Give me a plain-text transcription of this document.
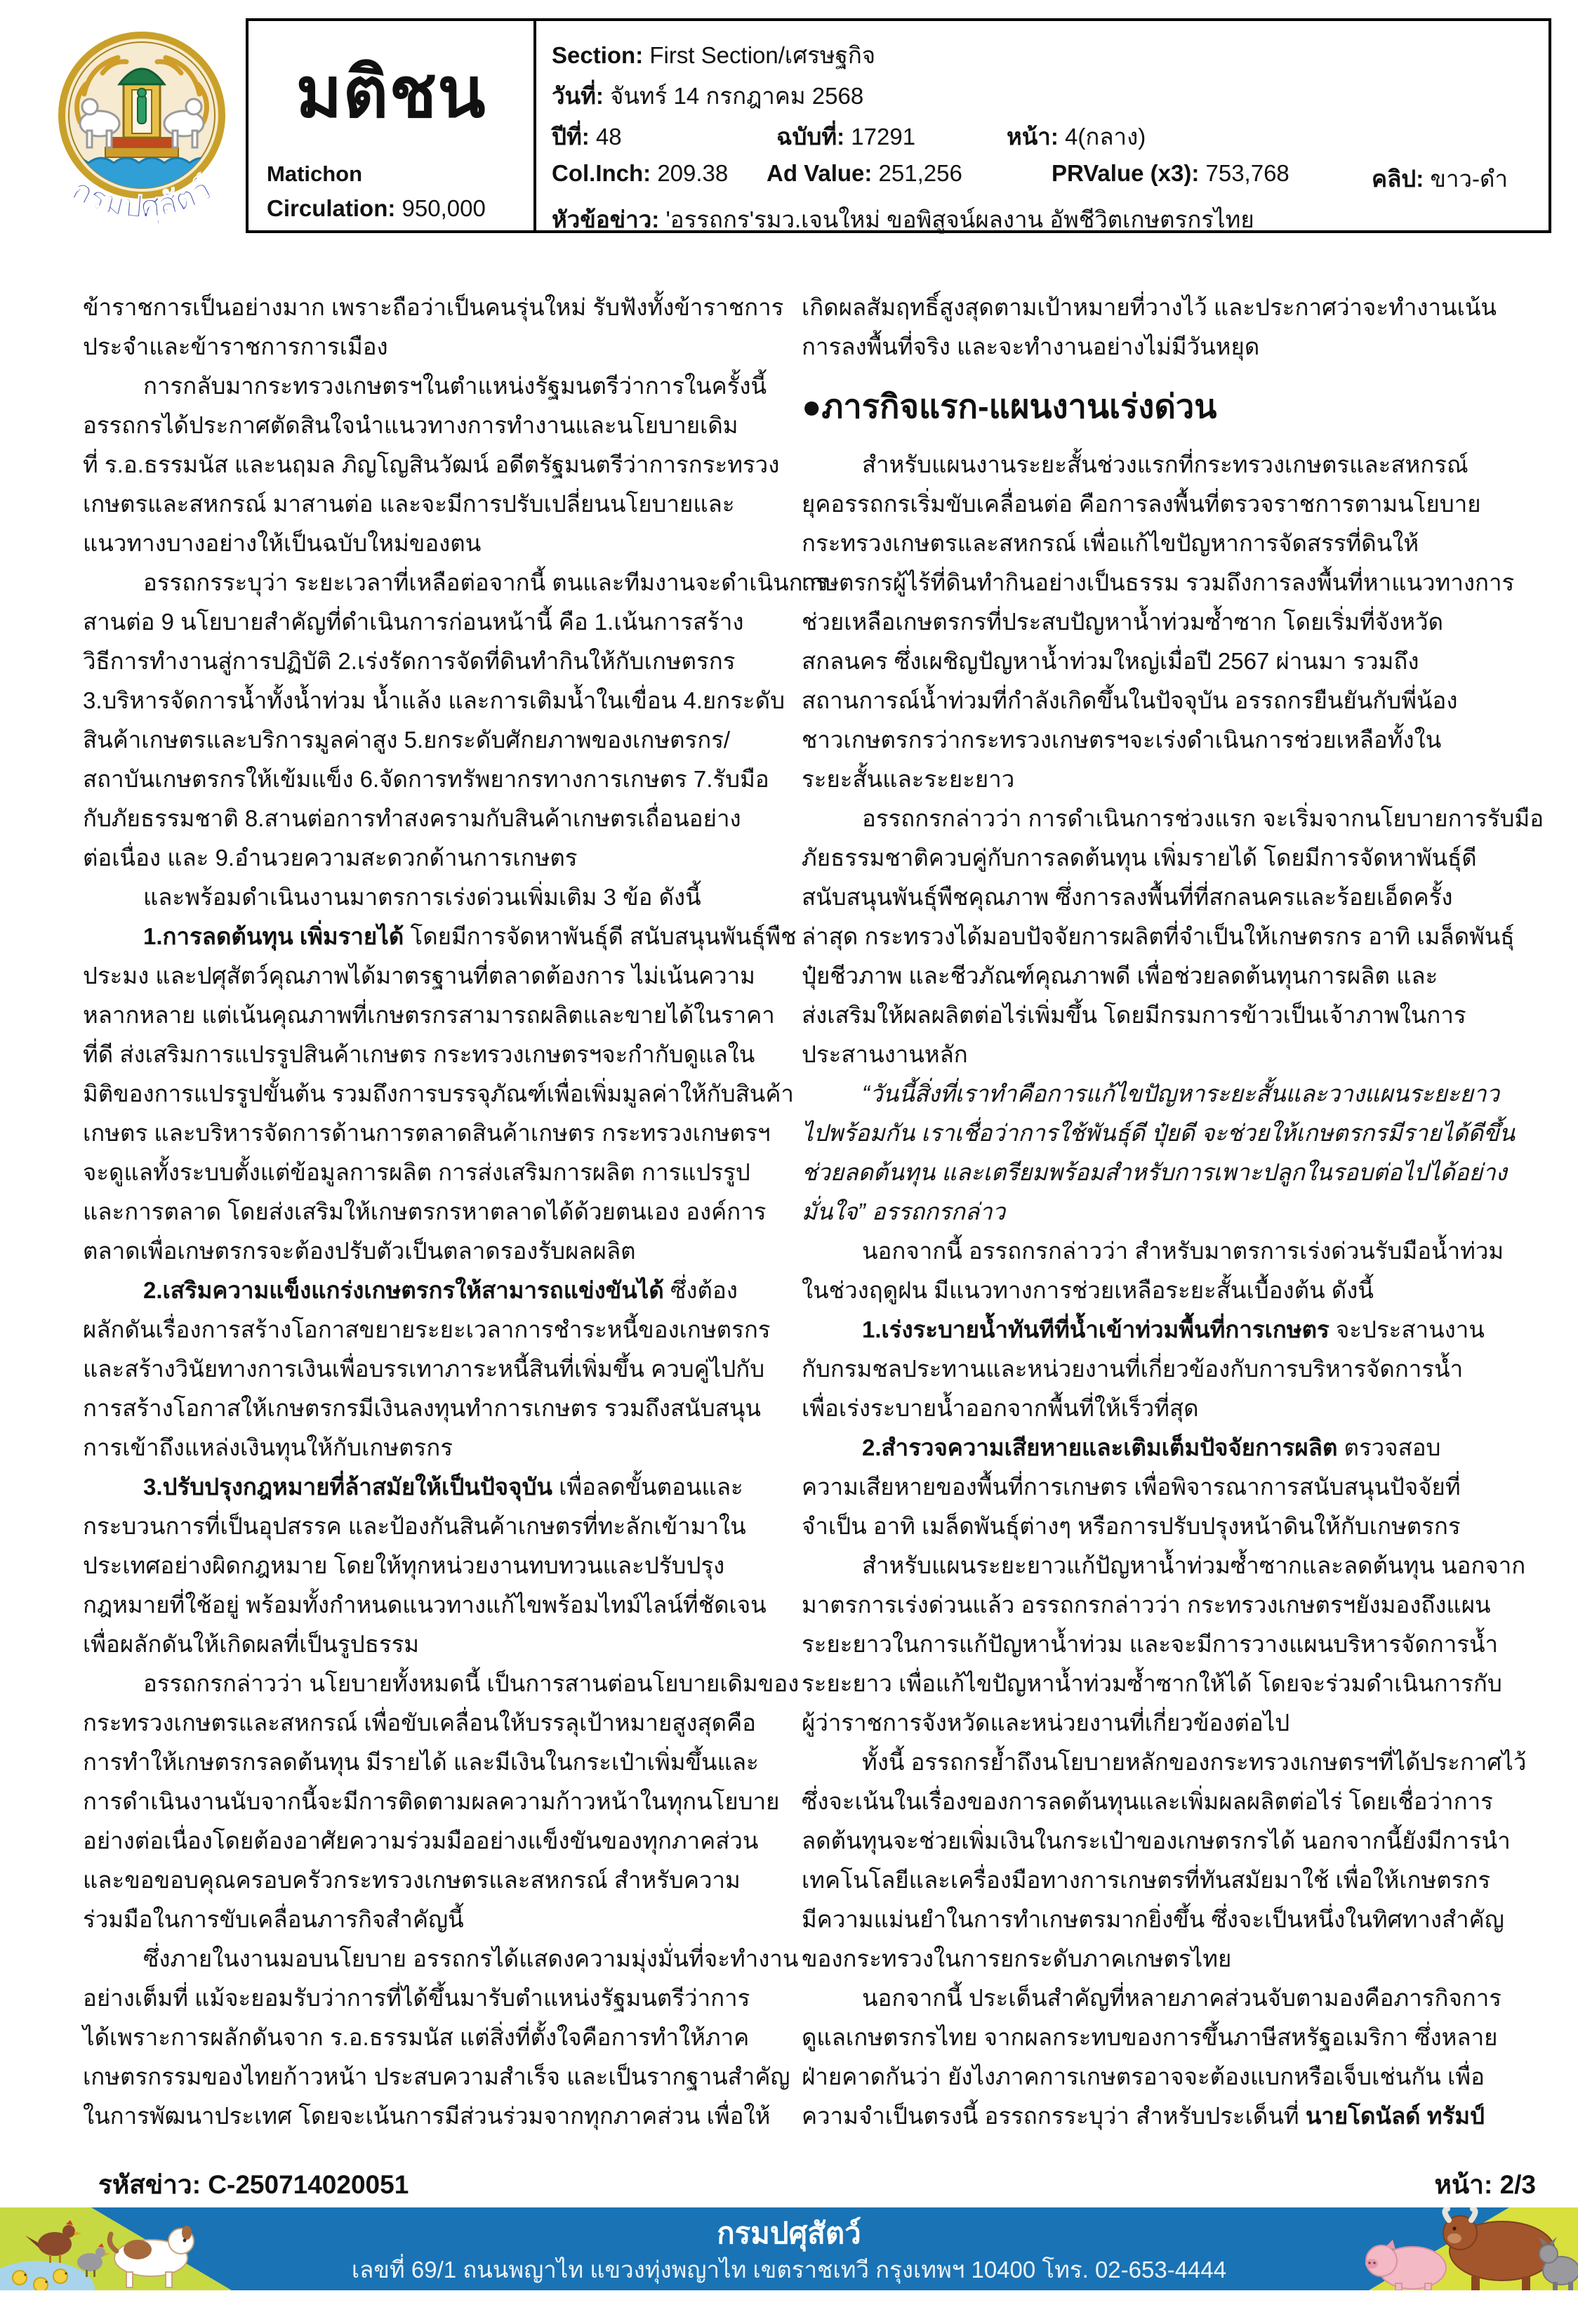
กรมปศุสัตว์
มติชน
Matichon
Circulation: 950,000
Section: First Section/เศรษฐกิจ
วันที่: จันทร์ 14 กรกฎาคม 2568
ปีที่: 48	ฉบับที่: 17291	หน้า: 4(กลาง)
Col.Inch: 209.38 Ad Value: 251,256	PRValue (x3): 753,768	คลิป: ขาว-ดำ
หัวข้อข่าว: 'อรรถกร'รมว.เจนใหม่ ขอพิสูจน์ผลงาน อัพชีวิตเกษตรกรไทย
ข้าราชการเป็นอย่างมาก เพราะถือว่าเป็นคนรุ่นใหม่ รับฟังทั้งข้าราชการ
ประจำและข้าราชการการเมือง
การกลับมากระทรวงเกษตรฯในตำแหน่งรัฐมนตรีว่าการในครั้งนี้
อรรถกรได้ประกาศตัดสินใจนำแนวทางการทำงานและนโยบายเดิม
ที่ ร.อ.ธรรมนัส และนฤมล ภิญโญสินวัฒน์ อดีตรัฐมนตรีว่าการกระทรวง
เกษตรและสหกรณ์ มาสานต่อ และจะมีการปรับเปลี่ยนนโยบายและ
แนวทางบางอย่างให้เป็นฉบับใหม่ของตน
อรรถกรระบุว่า ระยะเวลาที่เหลือต่อจากนี้ ตนและทีมงานจะดำเนินการ
สานต่อ 9 นโยบายสำคัญที่ดำเนินการก่อนหน้านี้ คือ 1.เน้นการสร้าง
วิธีการทำงานสู่การปฏิบัติ 2.เร่งรัดการจัดที่ดินทำกินให้กับเกษตรกร
3.บริหารจัดการน้ำทั้งน้ำท่วม น้ำแล้ง และการเติมน้ำในเขื่อน 4.ยกระดับ
สินค้าเกษตรและบริการมูลค่าสูง 5.ยกระดับศักยภาพของเกษตรกร/
สถาบันเกษตรกรให้เข้มแข็ง 6.จัดการทรัพยากรทางการเกษตร 7.รับมือ
กับภัยธรรมชาติ 8.สานต่อการทำสงครามกับสินค้าเกษตรเถื่อนอย่าง
ต่อเนื่อง และ 9.อำนวยความสะดวกด้านการเกษตร
และพร้อมดำเนินงานมาตรการเร่งด่วนเพิ่มเติม 3 ข้อ ดังนี้
1.การลดต้นทุน เพิ่มรายได้ โดยมีการจัดหาพันธุ์ดี สนับสนุนพันธุ์พืช
ประมง และปศุสัตว์คุณภาพได้มาตรฐานที่ตลาดต้องการ ไม่เน้นความ
หลากหลาย แต่เน้นคุณภาพที่เกษตรกรสามารถผลิตและขายได้ในราคา
ที่ดี ส่งเสริมการแปรรูปสินค้าเกษตร กระทรวงเกษตรฯจะกำกับดูแลใน
มิติของการแปรรูปขั้นต้น รวมถึงการบรรจุภัณฑ์เพื่อเพิ่มมูลค่าให้กับสินค้า
เกษตร และบริหารจัดการด้านการตลาดสินค้าเกษตร กระทรวงเกษตรฯ
จะดูแลทั้งระบบตั้งแต่ข้อมูลการผลิต การส่งเสริมการผลิต การแปรรูป
และการตลาด โดยส่งเสริมให้เกษตรกรหาตลาดได้ด้วยตนเอง องค์การ
ตลาดเพื่อเกษตรกรจะต้องปรับตัวเป็นตลาดรองรับผลผลิต
2.เสริมความแข็งแกร่งเกษตรกรให้สามารถแข่งขันได้ ซึ่งต้อง
ผลักดันเรื่องการสร้างโอกาสขยายระยะเวลาการชำระหนี้ของเกษตรกร
และสร้างวินัยทางการเงินเพื่อบรรเทาภาระหนี้สินที่เพิ่มขึ้น ควบคู่ไปกับ
การสร้างโอกาสให้เกษตรกรมีเงินลงทุนทำการเกษตร รวมถึงสนับสนุน
การเข้าถึงแหล่งเงินทุนให้กับเกษตรกร
3.ปรับปรุงกฎหมายที่ล้าสมัยให้เป็นปัจจุบัน เพื่อลดขั้นตอนและ
กระบวนการที่เป็นอุปสรรค และป้องกันสินค้าเกษตรที่ทะลักเข้ามาใน
ประเทศอย่างผิดกฎหมาย โดยให้ทุกหน่วยงานทบทวนและปรับปรุง
กฎหมายที่ใช้อยู่ พร้อมทั้งกำหนดแนวทางแก้ไขพร้อมไทม์ไลน์ที่ชัดเจน
เพื่อผลักดันให้เกิดผลที่เป็นรูปธรรม
อรรถกรกล่าวว่า นโยบายทั้งหมดนี้ เป็นการสานต่อนโยบายเดิมของ
กระทรวงเกษตรและสหกรณ์ เพื่อขับเคลื่อนให้บรรลุเป้าหมายสูงสุดคือ
การทำให้เกษตรกรลดต้นทุน มีรายได้ และมีเงินในกระเป๋าเพิ่มขึ้นและ
การดำเนินงานนับจากนี้จะมีการติดตามผลความก้าวหน้าในทุกนโยบาย
อย่างต่อเนื่องโดยต้องอาศัยความร่วมมืออย่างแข็งขันของทุกภาคส่วน
และขอขอบคุณครอบครัวกระทรวงเกษตรและสหกรณ์ สำหรับความ
ร่วมมือในการขับเคลื่อนภารกิจสำคัญนี้
ซึ่งภายในงานมอบนโยบาย อรรถกรได้แสดงความมุ่งมั่นที่จะทำงาน
อย่างเต็มที่ แม้จะยอมรับว่าการที่ได้ขึ้นมารับตำแหน่งรัฐมนตรีว่าการ
ได้เพราะการผลักดันจาก ร.อ.ธรรมนัส แต่สิ่งที่ตั้งใจคือการทำให้ภาค
เกษตรกรรมของไทยก้าวหน้า ประสบความสำเร็จ และเป็นรากฐานสำคัญ
ในการพัฒนาประเทศ โดยจะเน้นการมีส่วนร่วมจากทุกภาคส่วน เพื่อให้
เกิดผลสัมฤทธิ์สูงสุดตามเป้าหมายที่วางไว้ และประกาศว่าจะทำงานเน้น
การลงพื้นที่จริง และจะทำงานอย่างไม่มีวันหยุด
●ภารกิจแรก-แผนงานเร่งด่วน
สำหรับแผนงานระยะสั้นช่วงแรกที่กระทรวงเกษตรและสหกรณ์
ยุคอรรถกรเริ่มขับเคลื่อนต่อ คือการลงพื้นที่ตรวจราชการตามนโยบาย
กระทรวงเกษตรและสหกรณ์ เพื่อแก้ไขปัญหาการจัดสรรที่ดินให้
เกษตรกรผู้ไร้ที่ดินทำกินอย่างเป็นธรรม รวมถึงการลงพื้นที่หาแนวทางการ
ช่วยเหลือเกษตรกรที่ประสบปัญหาน้ำท่วมซ้ำซาก โดยเริ่มที่จังหวัด
สกลนคร ซึ่งเผชิญปัญหาน้ำท่วมใหญ่เมื่อปี 2567 ผ่านมา รวมถึง
สถานการณ์น้ำท่วมที่กำลังเกิดขึ้นในปัจจุบัน อรรถกรยืนยันกับพี่น้อง
ชาวเกษตรกรว่ากระทรวงเกษตรฯจะเร่งดำเนินการช่วยเหลือทั้งใน
ระยะสั้นและระยะยาว
อรรถกรกล่าวว่า การดำเนินการช่วงแรก จะเริ่มจากนโยบายการรับมือ
ภัยธรรมชาติควบคู่กับการลดต้นทุน เพิ่มรายได้ โดยมีการจัดหาพันธุ์ดี
สนับสนุนพันธุ์พืชคุณภาพ ซึ่งการลงพื้นที่ที่สกลนครและร้อยเอ็ดครั้ง
ล่าสุด กระทรวงได้มอบปัจจัยการผลิตที่จำเป็นให้เกษตรกร อาทิ เมล็ดพันธุ์
ปุ๋ยชีวภาพ และชีวภัณฑ์คุณภาพดี เพื่อช่วยลดต้นทุนการผลิต และ
ส่งเสริมให้ผลผลิตต่อไร่เพิ่มขึ้น โดยมีกรมการข้าวเป็นเจ้าภาพในการ
ประสานงานหลัก
“วันนี้สิ่งที่เราทำคือการแก้ไขปัญหาระยะสั้นและวางแผนระยะยาว
ไปพร้อมกัน เราเชื่อว่าการใช้พันธุ์ดี ปุ๋ยดี จะช่วยให้เกษตรกรมีรายได้ดีขึ้น
ช่วยลดต้นทุน และเตรียมพร้อมสำหรับการเพาะปลูกในรอบต่อไปได้อย่าง
มั่นใจ” อรรถกรกล่าว
นอกจากนี้ อรรถกรกล่าวว่า สำหรับมาตรการเร่งด่วนรับมือน้ำท่วม
ในช่วงฤดูฝน มีแนวทางการช่วยเหลือระยะสั้นเบื้องต้น ดังนี้
1.เร่งระบายน้ำทันทีที่น้ำเข้าท่วมพื้นที่การเกษตร จะประสานงาน
กับกรมชลประทานและหน่วยงานที่เกี่ยวข้องกับการบริหารจัดการน้ำ
เพื่อเร่งระบายน้ำออกจากพื้นที่ให้เร็วที่สุด
2.สำรวจความเสียหายและเติมเต็มปัจจัยการผลิต ตรวจสอบ
ความเสียหายของพื้นที่การเกษตร เพื่อพิจารณาการสนับสนุนปัจจัยที่
จำเป็น อาทิ เมล็ดพันธุ์ต่างๆ หรือการปรับปรุงหน้าดินให้กับเกษตรกร
สำหรับแผนระยะยาวแก้ปัญหาน้ำท่วมซ้ำซากและลดต้นทุน นอกจาก
มาตรการเร่งด่วนแล้ว อรรถกรกล่าวว่า กระทรวงเกษตรฯยังมองถึงแผน
ระยะยาวในการแก้ปัญหาน้ำท่วม และจะมีการวางแผนบริหารจัดการน้ำ
ระยะยาว เพื่อแก้ไขปัญหาน้ำท่วมซ้ำซากให้ได้ โดยจะร่วมดำเนินการกับ
ผู้ว่าราชการจังหวัดและหน่วยงานที่เกี่ยวข้องต่อไป
ทั้งนี้ อรรถกรย้ำถึงนโยบายหลักของกระทรวงเกษตรฯที่ได้ประกาศไว้
ซึ่งจะเน้นในเรื่องของการลดต้นทุนและเพิ่มผลผลิตต่อไร่ โดยเชื่อว่าการ
ลดต้นทุนจะช่วยเพิ่มเงินในกระเป๋าของเกษตรกรได้ นอกจากนี้ยังมีการนำ
เทคโนโลยีและเครื่องมือทางการเกษตรที่ทันสมัยมาใช้ เพื่อให้เกษตรกร
มีความแม่นยำในการทำเกษตรมากยิ่งขึ้น ซึ่งจะเป็นหนึ่งในทิศทางสำคัญ
ของกระทรวงในการยกระดับภาคเกษตรไทย
นอกจากนี้ ประเด็นสำคัญที่หลายภาคส่วนจับตามองคือภารกิจการ
ดูแลเกษตรกรไทย จากผลกระทบของการขึ้นภาษีสหรัฐอเมริกา ซึ่งหลาย
ฝ่ายคาดกันว่า ยังไงภาคการเกษตรอาจจะต้องแบกหรือเจ็บเช่นกัน เพื่อ
ความจำเป็นตรงนี้ อรรถกรระบุว่า สำหรับประเด็นที่ นายโดนัลด์ ทรัมป์
รหัสข่าว: C-250714020051	หน้า: 2/3
กรมปศุสัตว์
เลขที่ 69/1 ถนนพญาไท แขวงทุ่งพญาไท เขตราชเทวี กรุงเทพฯ 10400 โทร. 02-653-4444
